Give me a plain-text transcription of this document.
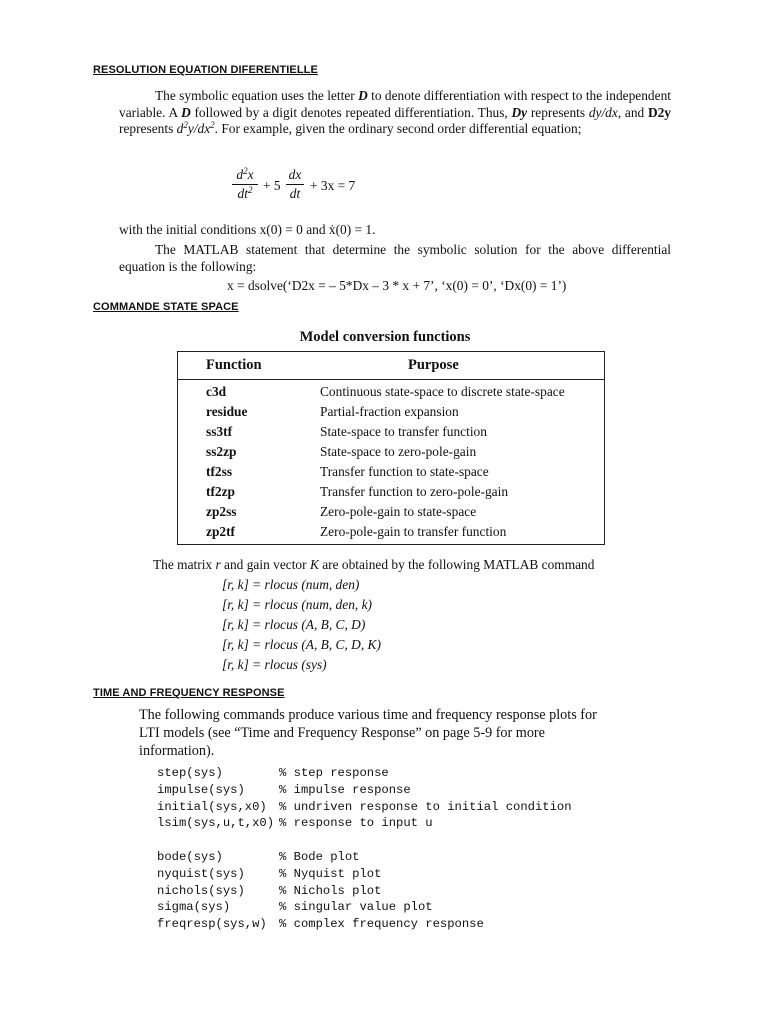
RESOLUTION EQUATION DIFERENTIELLE
The symbolic equation uses the letter D to denote differentiation with respect to the independent variable. A D followed by a digit denotes repeated differentiation. Thus, Dy represents dy/dx, and D2y represents $d^2y/dx^2$. For example, given the ordinary second order differential equation;
$d^2x$
$dt^2 + 5$
dx
dt
+ 3x = 7
with the initial conditions x(0) = 0 and ẋ(0) = 1.
The MATLAB statement that determine the symbolic solution for the above differential equation is the following:
x = dsolve(‘D2x = – 5*Dx – 3 * x + 7’, ‘x(0) = 0’, ‘Dx(0) = 1’)
COMMANDE STATE SPACE
Model conversion functions
Function	Purpose
c3d	Continuous state-space to discrete state-space
residue	Partial-fraction expansion
ss3tf	State-space to transfer function
ss2zp	State-space to zero-pole-gain
tf2ss	Transfer function to state-space
tf2zp	Transfer function to zero-pole-gain
zp2ss	Zero-pole-gain to state-space
zp2tf	Zero-pole-gain to transfer function
The matrix r and gain vector K are obtained by the following MATLAB command
[r, k] = rlocus (num, den)
[r, k] = rlocus (num, den, k)
[r, k] = rlocus (A, B, C, D)
[r, k] = rlocus (A, B, C, D, K)
[r, k] = rlocus (sys)
TIME AND FREQUENCY RESPONSE
The following commands produce various time and frequency response plots for
LTI models (see “Time and Frequency Response” on page 5-9 for more
information).
step(sys)	% step response
impulse(sys)	% impulse response
initial(sys,x0) % undriven response to initial condition
lsim(sys,u,t,x0) % response to input u
bode(sys)	% Bode plot
nyquist(sys)	% Nyquist plot
nichols(sys)	% Nichols plot
sigma(sys)	% singular value plot
freqresp(sys,w) % complex frequency response
